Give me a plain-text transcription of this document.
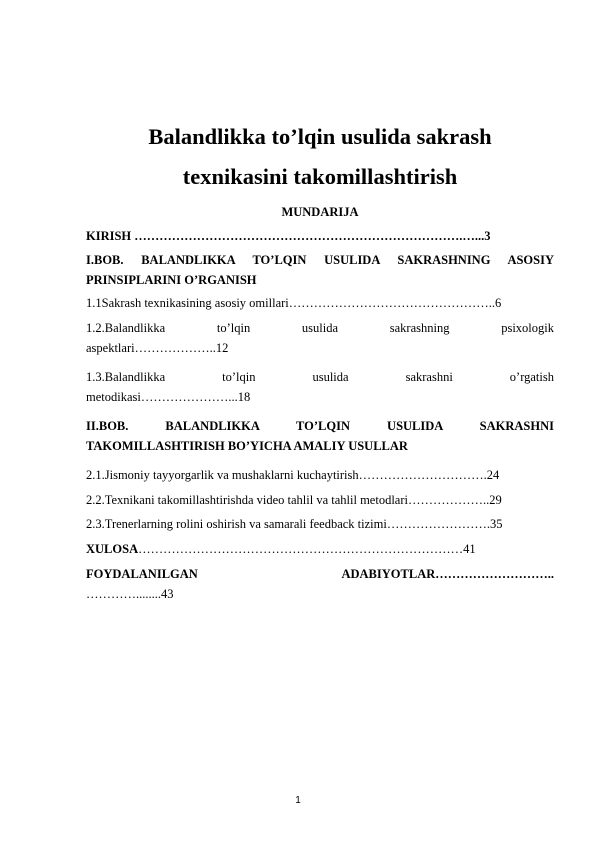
Balandlikka to’lqin usulida sakrash
texnikasini takomillashtirish
MUNDARIJA
KIRISH …………………………………………………………………….…...3
I.BOB. BALANDLIKKA TO’LQIN USULIDA SAKRASHNING ASOSIY
PRINSIPLARINI O’RGANISH
1.1Sakrash texnikasining asosiy omillari…………………………………………..6
1.2.Balandlikka to’lqin usulida sakrashning psixologik
aspektlari………………..12
1.3.Balandlikka to’lqin usulida sakrashni o’rgatish
metodikasi…………………...18
II.BOB. BALANDLIKKA TO’LQIN USULIDA SAKRASHNI
TAKOMILLASHTIRISH BO’YICHA AMALIY USULLAR
2.1.Jismoniy tayyorgarlik va mushaklarni kuchaytirish………………………….24
2.2.Texnikani takomillashtirishda video tahlil va tahlil metodlari………………..29
2.3.Trenerlarning rolini oshirish va samarali feedback tizimi…………………….35
XULOSA……………………………………………………………………41
FOYDALANILGAN ADABIYOTLAR………………………..
…………........43
1
